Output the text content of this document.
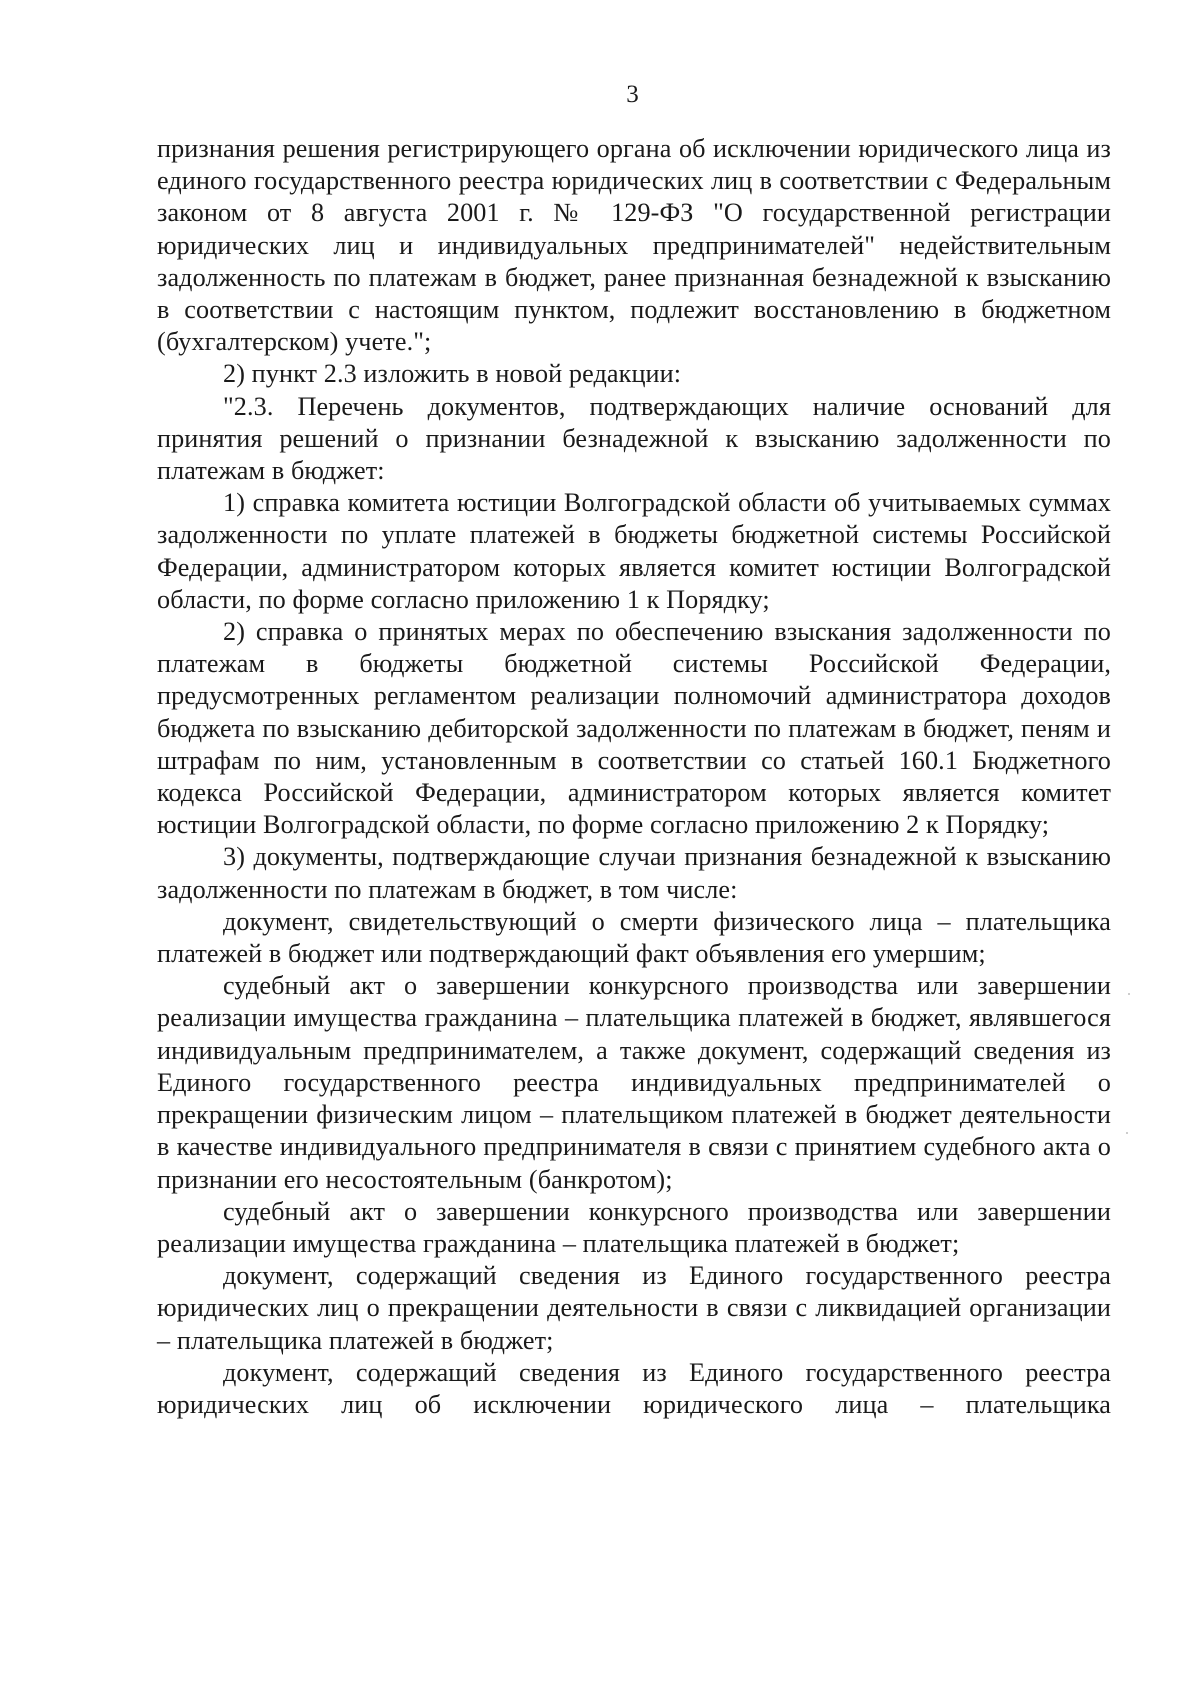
3

признания решения регистрирующего органа об исключении юридического лица из единого государственного реестра юридических лиц в соответствии с Федеральным законом от 8 августа 2001 г. № 129-ФЗ "О государственной регистрации юридических лиц и индивидуальных предпринимателей" недействительным задолженность по платежам в бюджет, ранее признанная безнадежной к взысканию в соответствии с настоящим пунктом, подлежит восстановлению в бюджетном (бухгалтерском) учете.";

2) пункт 2.3 изложить в новой редакции:

"2.3. Перечень документов, подтверждающих наличие оснований для принятия решений о признании безнадежной к взысканию задолженности по платежам в бюджет:

1) справка комитета юстиции Волгоградской области об учитываемых суммах задолженности по уплате платежей в бюджеты бюджетной системы Российской Федерации, администратором которых является комитет юстиции Волгоградской области, по форме согласно приложению 1 к Порядку;

2) справка о принятых мерах по обеспечению взыскания задолженности по платежам в бюджеты бюджетной системы Российской Федерации, предусмотренных регламентом реализации полномочий администратора доходов бюджета по взысканию дебиторской задолженности по платежам в бюджет, пеням и штрафам по ним, установленным в соответствии со статьей 160.1 Бюджетного кодекса Российской Федерации, администратором которых является комитет юстиции Волгоградской области, по форме согласно приложению 2 к Порядку;

3) документы, подтверждающие случаи признания безнадежной к взысканию задолженности по платежам в бюджет, в том числе:

документ, свидетельствующий о смерти физического лица – плательщика платежей в бюджет или подтверждающий факт объявления его умершим;

судебный акт о завершении конкурсного производства или завершении реализации имущества гражданина – плательщика платежей в бюджет, являвшегося индивидуальным предпринимателем, а также документ, содержащий сведения из Единого государственного реестра индивидуальных предпринимателей о прекращении физическим лицом – плательщиком платежей в бюджет деятельности в качестве индивидуального предпринимателя в связи с принятием судебного акта о признании его несостоятельным (банкротом);

судебный акт о завершении конкурсного производства или завершении реализации имущества гражданина – плательщика платежей в бюджет;

документ, содержащий сведения из Единого государственного реестра юридических лиц о прекращении деятельности в связи с ликвидацией организации – плательщика платежей в бюджет;

документ, содержащий сведения из Единого государственного реестра юридических лиц об исключении юридического лица – плательщика
